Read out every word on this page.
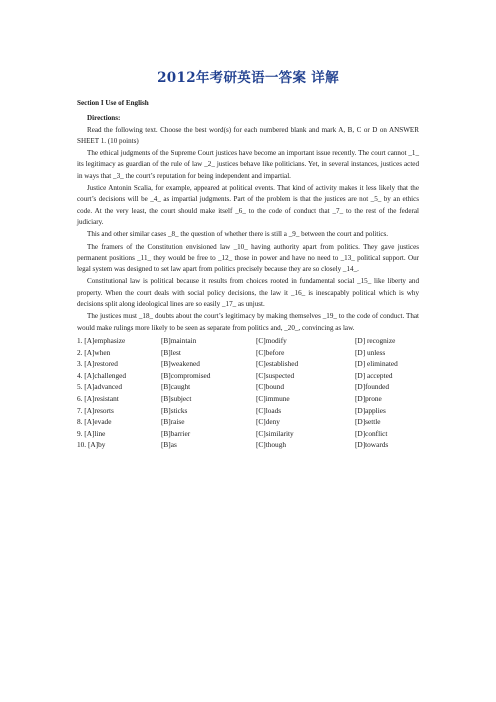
2012年考研英语一答案 详解
Section I Use of English
Directions:

Read the following text. Choose the best word(s) for each numbered blank and mark A, B, C or D on ANSWER SHEET 1. (10 points)

The ethical judgments of the Supreme Court justices have become an important issue recently. The court cannot _1_ its legitimacy as guardian of the rule of law _2_ justices behave like politicians. Yet, in several instances, justices acted in ways that _3_ the court’s reputation for being independent and impartial.

Justice Antonin Scalia, for example, appeared at political events. That kind of activity makes it less likely that the court’s decisions will be _4_ as impartial judgments. Part of the problem is that the justices are not _5_ by an ethics code. At the very least, the court should make itself _6_ to the code of conduct that _7_ to the rest of the federal judiciary.

This and other similar cases _8_ the question of whether there is still a _9_ between the court and politics.

The framers of the Constitution envisioned law _10_ having authority apart from politics. They gave justices permanent positions _11_ they would be free to _12_ those in power and have no need to _13_ political support. Our legal system was designed to set law apart from politics precisely because they are so closely _14_.

Constitutional law is political because it results from choices rooted in fundamental social _15_ like liberty and property. When the court deals with social policy decisions, the law it _16_ is inescapably political which is why decisions split along ideological lines are so easily _17_ as unjust.

The justices must _18_ doubts about the court’s legitimacy by making themselves _19_ to the code of conduct. That would make rulings more likely to be seen as separate from politics and, _20_, convincing as law.

1. [A]emphasize	[B]maintain	[C]modify	[D] recognize
2. [A]when	[B]lest	[C]before	[D] unless
3. [A]restored	[B]weakened	[C]established	[D] eliminated
4. [A]challenged	[B]compromised	[C]suspected	[D] accepted
5. [A]advanced	[B]caught	[C]bound	[D]founded
6. [A]resistant	[B]subject	[C]immune	[D]prone
7. [A]resorts	[B]sticks	[C]loads	[D]applies
8. [A]evade	[B]raise	[C]deny	[D]settle
9. [A]line	[B]barrier	[C]similarity	[D]conflict
10. [A]by	[B]as	[C]though	[D]towards
